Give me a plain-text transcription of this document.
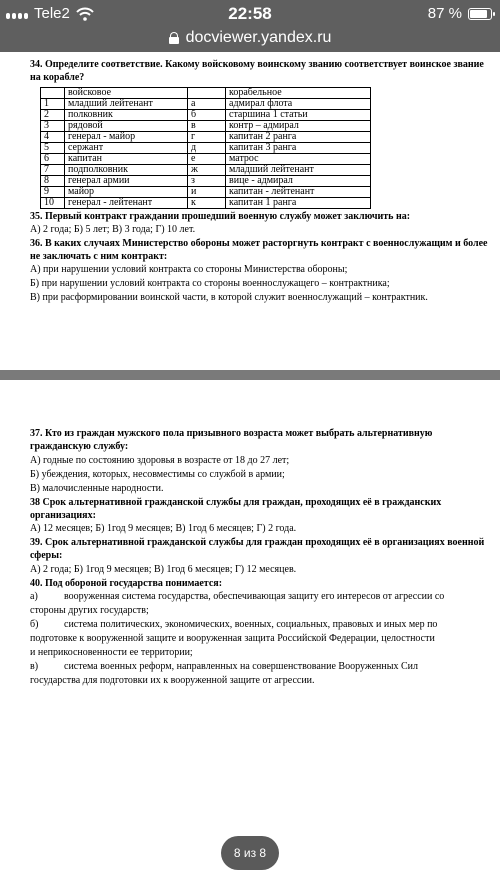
Tele2	22:58	87 %
docviewer.yandex.ru
34. Определите соответствие. Какому войсковому воинскому званию соответствует воинское звание на корабле?
	войсковое		корабельное
1	младший лейтенант	а	адмирал флота
2	полковник	б	старшина 1 статьи
3	рядовой	в	контр – адмирал
4	генерал - майор	г	капитан 2 ранга
5	сержант	д	капитан 3 ранга
6	капитан	е	матрос
7	подполковник	ж	младший лейтенант
8	генерал армии	з	вице - адмирал
9	майор	и	капитан - лейтенант
10	генерал - лейтенант	к	капитан 1 ранга
35. Первый контракт граждании прошедший военную службу может заключить на:
А) 2 года; Б) 5 лет; В) 3 года; Г) 10 лет.
36. В каких случаях Министерство обороны может расторгнуть контракт с военнослужащим и более не заключать с ним контракт:
А) при нарушении условий контракта со стороны Министерства обороны;
Б) при нарушении условий контракта со стороны военнослужащего – контрактника;
В) при расформировании воинской части, в которой служит военнослужащий – контрактник.
37. Кто из граждан мужского пола призывного возраста может выбрать альтернативную гражданскую службу:
А) годные по состоянию здоровья в возрасте от 18 до 27 лет;
Б) убеждения, которых, несовместимы со службой в армии;
В) малочисленные народности.
38 Срок альтернативной гражданской службы для граждан, проходящих её в гражданских организациях:
А) 12 месяцев; Б) 1год 9 месяцев; В) 1год 6 месяцев; Г) 2 года.
39. Срок альтернативной гражданской службы для граждан проходящих её в организациях военной сферы:
А) 2 года; Б) 1год 9 месяцев; В) 1год 6 месяцев; Г) 12 месяцев.
40. Под обороной государства понимается:
а)	вооруженная система государства, обеспечивающая защиту его интересов от агрессии со
стороны других государств;
б)	система политических, экономических, военных, социальных, правовых и иных мер по
подготовке к вооруженной защите и вооруженная защита Российской Федерации, целостности
и неприкосновенности ее территории;
в)	система военных реформ, направленных на совершенствование Вооруженных Сил
государства для подготовки их к вооруженной защите от агрессии.
8 из 8
